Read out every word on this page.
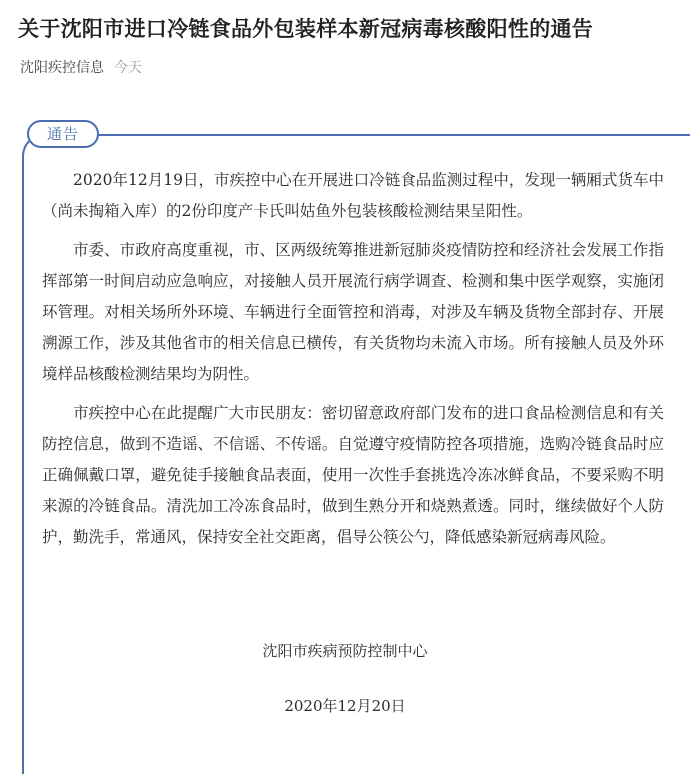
关于沈阳市进口冷链食品外包装样本新冠病毒核酸阳性的通告
沈阳疾控信息 今天
通告

2020年12月19日，市疾控中心在开展进口冷链食品监测过程中，发现一辆厢式货车中（尚未掏箱入库）的2份印度产卡氏叫姑鱼外包装核酸检测结果呈阳性。

市委、市政府高度重视，市、区两级统筹推进新冠肺炎疫情防控和经济社会发展工作指挥部第一时间启动应急响应，对接触人员开展流行病学调查、检测和集中医学观察，实施闭环管理。对相关场所外环境、车辆进行全面管控和消毒，对涉及车辆及货物全部封存、开展溯源工作，涉及其他省市的相关信息已横传，有关货物均未流入市场。所有接触人员及外环境样品核酸检测结果均为阴性。

市疾控中心在此提醒广大市民朋友：密切留意政府部门发布的进口食品检测信息和有关防控信息，做到不造谣、不信谣、不传谣。自觉遵守疫情防控各项措施，选购冷链食品时应正确佩戴口罩，避免徒手接触食品表面，使用一次性手套挑选冷冻冰鲜食品，不要采购不明来源的冷链食品。清洗加工冷冻食品时，做到生熟分开和烧熟煮透。同时，继续做好个人防护，勤洗手，常通风，保持安全社交距离，倡导公筷公勺，降低感染新冠病毒风险。

沈阳市疾病预防控制中心
2020年12月20日
